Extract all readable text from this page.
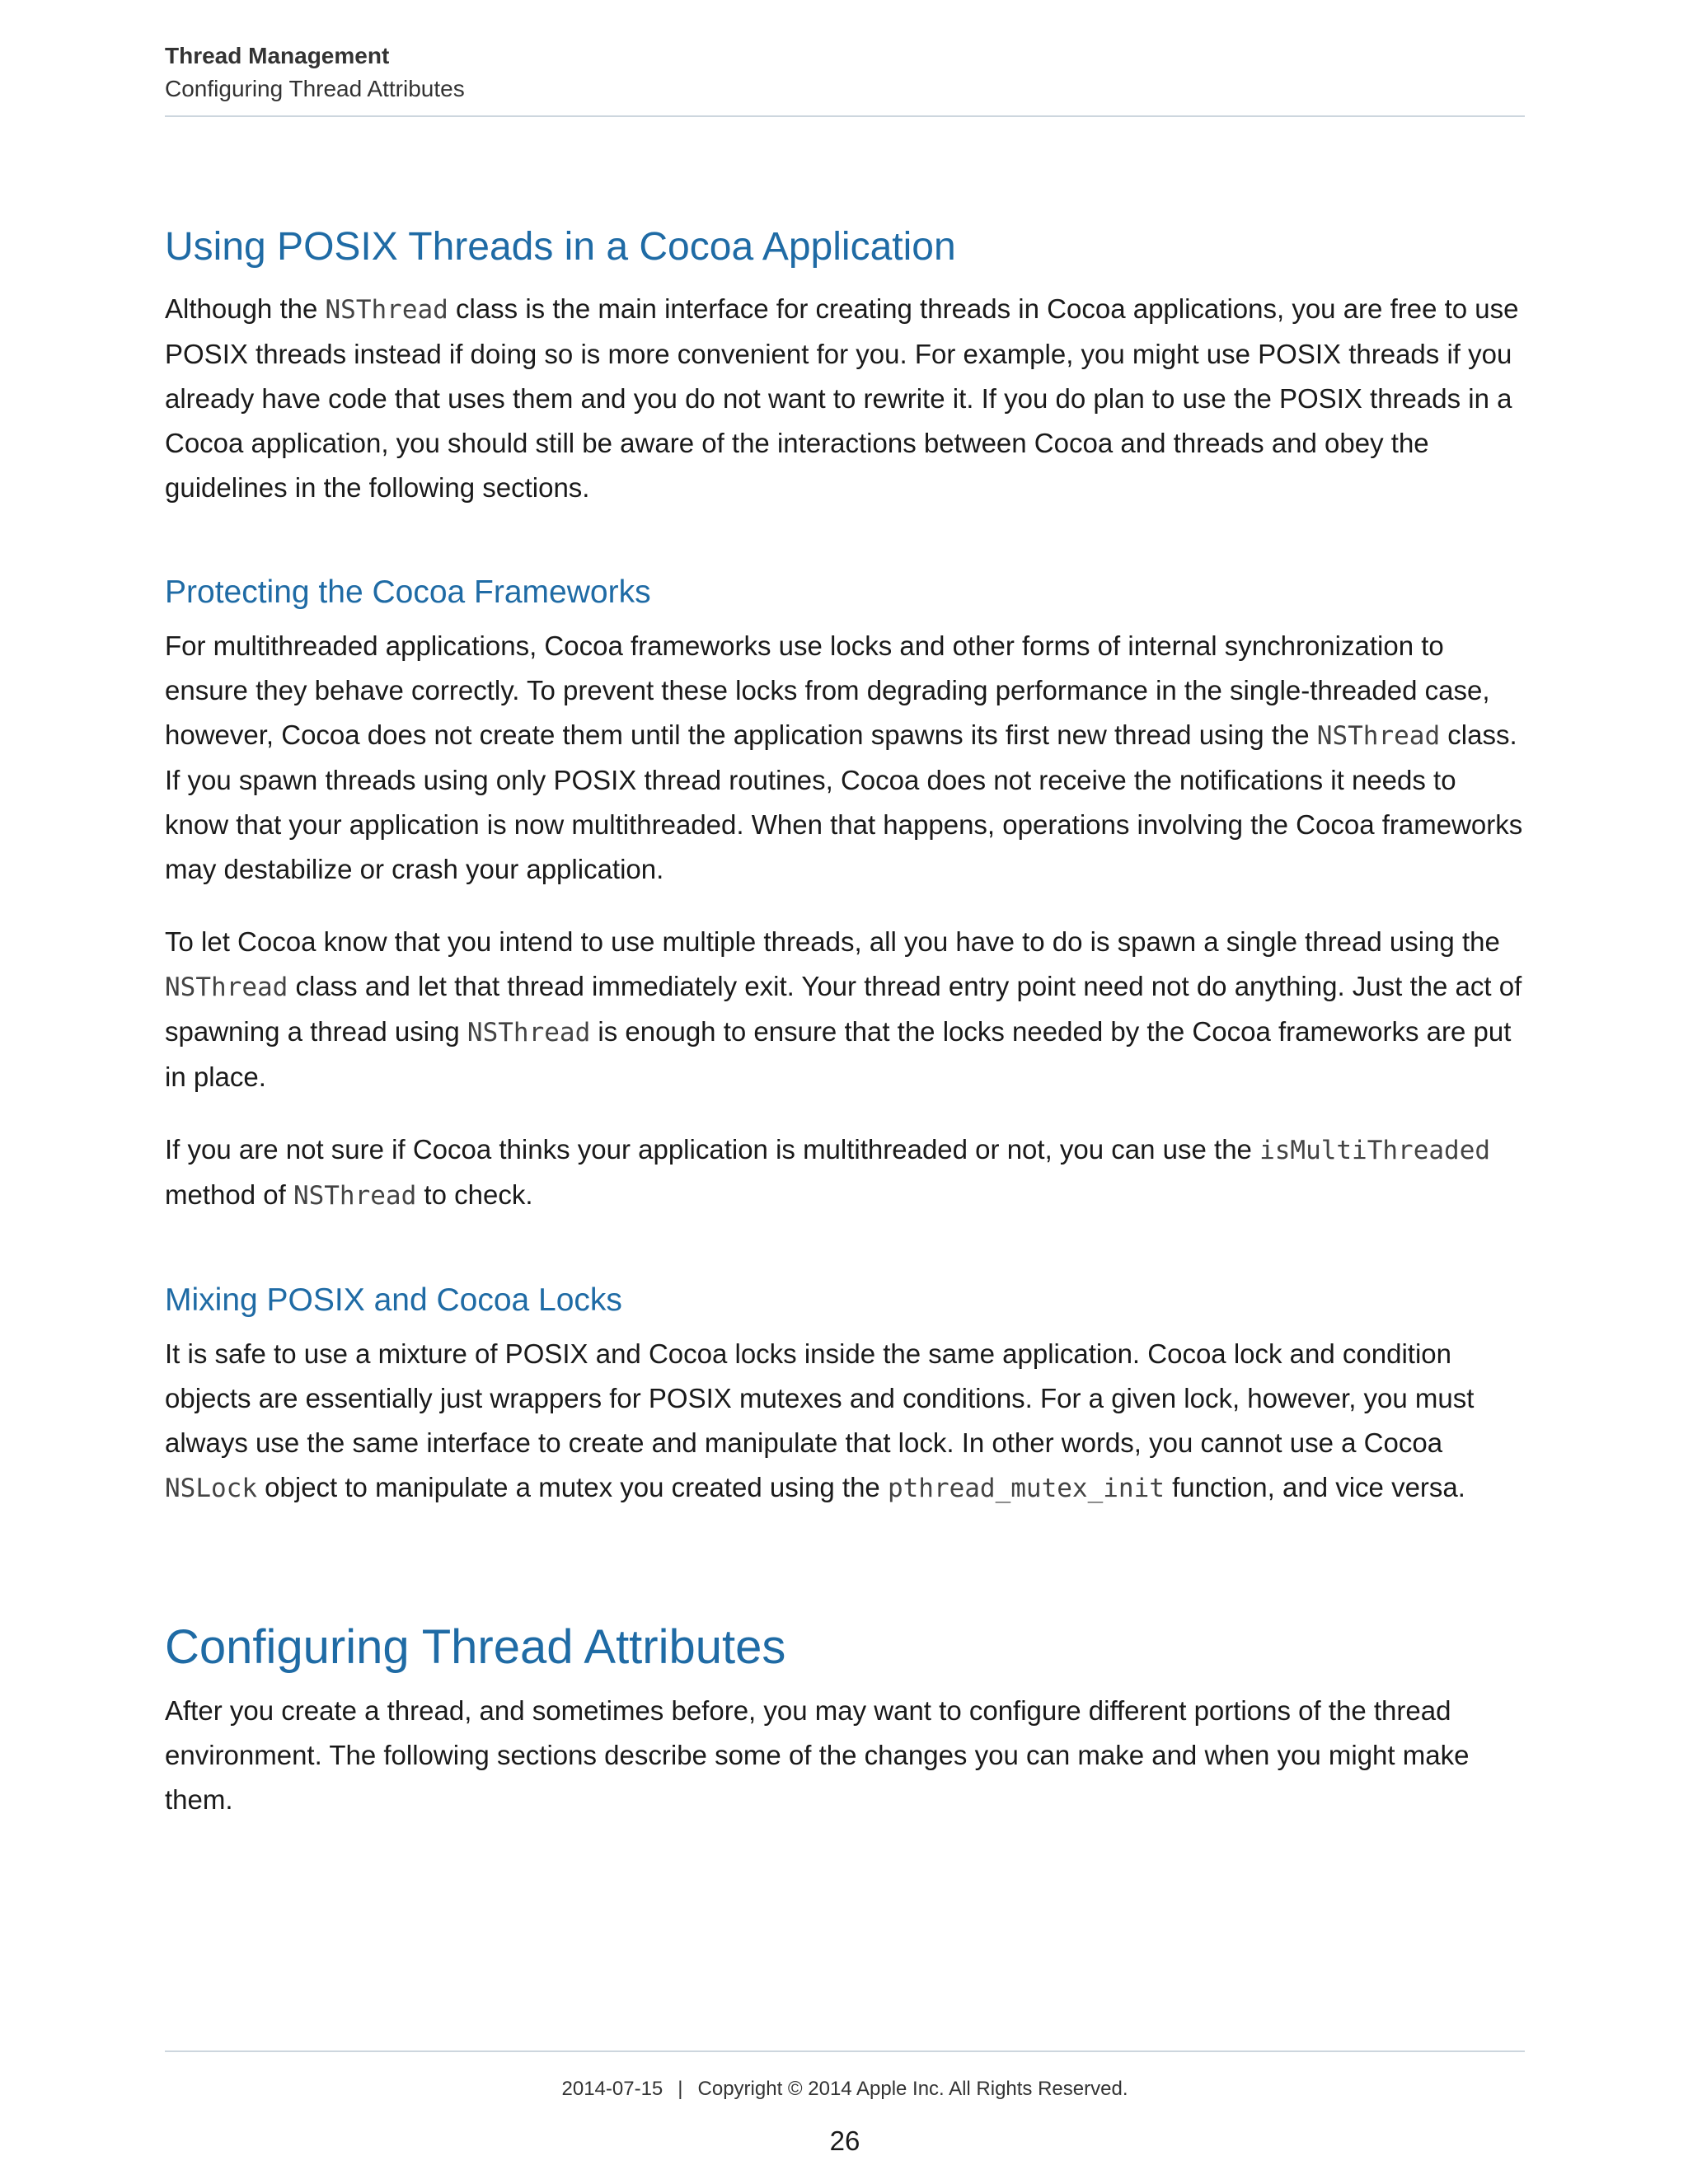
Thread Management

Configuring Thread Attributes

Using POSIX Threads in a Cocoa Application

Although the NSThread class is the main interface for creating threads in Cocoa applications, you are free to use POSIX threads instead if doing so is more convenient for you. For example, you might use POSIX threads if you already have code that uses them and you do not want to rewrite it. If you do plan to use the POSIX threads in a Cocoa application, you should still be aware of the interactions between Cocoa and threads and obey the guidelines in the following sections.

Protecting the Cocoa Frameworks

For multithreaded applications, Cocoa frameworks use locks and other forms of internal synchronization to ensure they behave correctly. To prevent these locks from degrading performance in the single-threaded case, however, Cocoa does not create them until the application spawns its first new thread using the NSThread class. If you spawn threads using only POSIX thread routines, Cocoa does not receive the notifications it needs to know that your application is now multithreaded. When that happens, operations involving the Cocoa frameworks may destabilize or crash your application.

To let Cocoa know that you intend to use multiple threads, all you have to do is spawn a single thread using the NSThread class and let that thread immediately exit. Your thread entry point need not do anything. Just the act of spawning a thread using NSThread is enough to ensure that the locks needed by the Cocoa frameworks are put in place.

If you are not sure if Cocoa thinks your application is multithreaded or not, you can use the isMultiThreaded method of NSThread to check.

Mixing POSIX and Cocoa Locks

It is safe to use a mixture of POSIX and Cocoa locks inside the same application. Cocoa lock and condition objects are essentially just wrappers for POSIX mutexes and conditions. For a given lock, however, you must always use the same interface to create and manipulate that lock. In other words, you cannot use a Cocoa NSLock object to manipulate a mutex you created using the pthread_mutex_init function, and vice versa.

Configuring Thread Attributes

After you create a thread, and sometimes before, you may want to configure different portions of the thread environment. The following sections describe some of the changes you can make and when you might make them.

2014-07-15 | Copyright © 2014 Apple Inc. All Rights Reserved.
26
